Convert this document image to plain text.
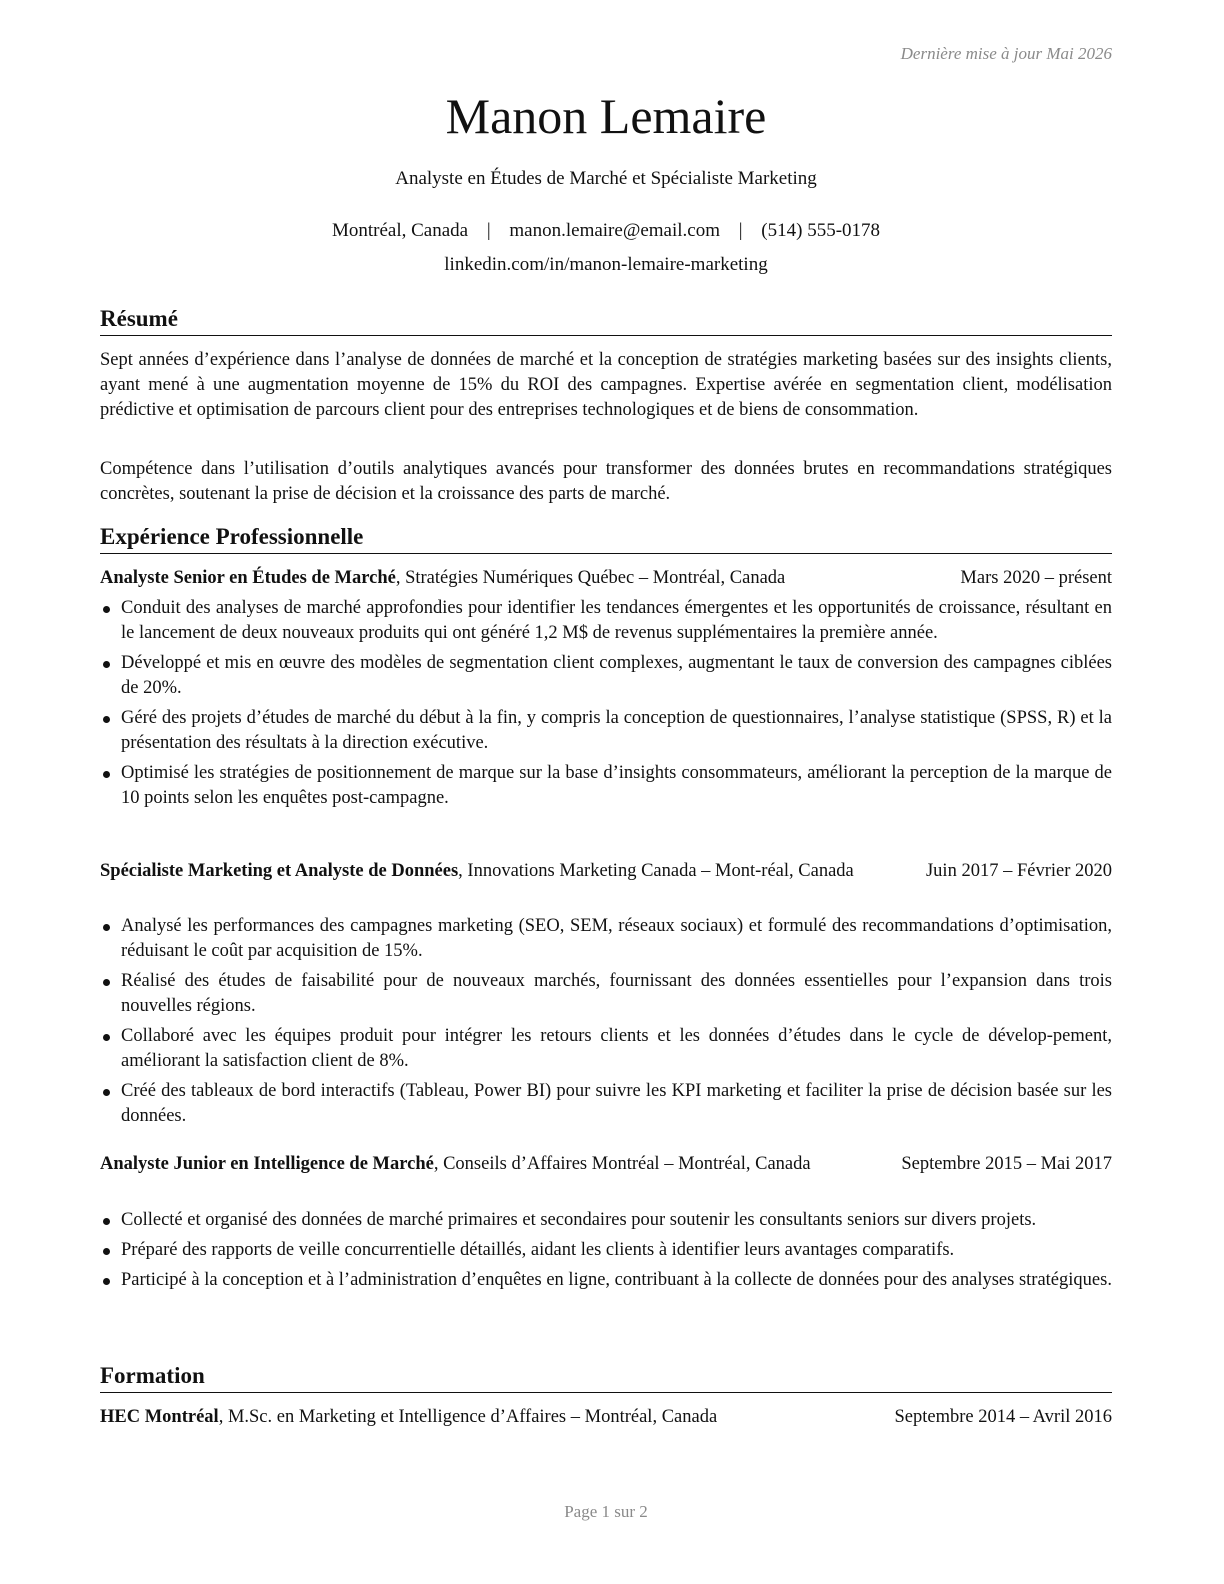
Dernière mise à jour Mai 2026
Manon Lemaire
Analyste en Études de Marché et Spécialiste Marketing
Montréal, Canada | manon.lemaire@email.com | (514) 555-0178
linkedin.com/in/manon-lemaire-marketing
Résumé
Sept années d’expérience dans l’analyse de données de marché et la conception de stratégies marketing basées sur des insights clients, ayant mené à une augmentation moyenne de 15% du ROI des campagnes. Expertise avérée en segmentation client, modélisation prédictive et optimisation de parcours client pour des entreprises technologiques et de biens de consommation.
Compétence dans l’utilisation d’outils analytiques avancés pour transformer des données brutes en recommandations stratégiques concrètes, soutenant la prise de décision et la croissance des parts de marché.
Expérience Professionnelle
Analyste Senior en Études de Marché, Stratégies Numériques Québec – Montréal, Canada	Mars 2020 – présent
Conduit des analyses de marché approfondies pour identifier les tendances émergentes et les opportunités de croissance, résultant en le lancement de deux nouveaux produits qui ont généré 1,2 M$ de revenus supplémentaires la première année.
Développé et mis en œuvre des modèles de segmentation client complexes, augmentant le taux de conversion des campagnes ciblées de 20%.
Géré des projets d’études de marché du début à la fin, y compris la conception de questionnaires, l’analyse statistique (SPSS, R) et la présentation des résultats à la direction exécutive.
Optimisé les stratégies de positionnement de marque sur la base d’insights consommateurs, améliorant la perception de la marque de 10 points selon les enquêtes post-campagne.
Spécialiste Marketing et Analyste de Données, Innovations Marketing Canada – Mont-réal, Canada	Juin 2017 – Février 2020
Analysé les performances des campagnes marketing (SEO, SEM, réseaux sociaux) et formulé des recommandations d’optimisation, réduisant le coût par acquisition de 15%.
Réalisé des études de faisabilité pour de nouveaux marchés, fournissant des données essentielles pour l’expansion dans trois nouvelles régions.
Collaboré avec les équipes produit pour intégrer les retours clients et les données d’études dans le cycle de dévelop-pement, améliorant la satisfaction client de 8%.
Créé des tableaux de bord interactifs (Tableau, Power BI) pour suivre les KPI marketing et faciliter la prise de décision basée sur les données.
Analyste Junior en Intelligence de Marché, Conseils d’Affaires Montréal – Montréal, Canada	Septembre 2015 – Mai 2017
Collecté et organisé des données de marché primaires et secondaires pour soutenir les consultants seniors sur divers projets.
Préparé des rapports de veille concurrentielle détaillés, aidant les clients à identifier leurs avantages comparatifs.
Participé à la conception et à l’administration d’enquêtes en ligne, contribuant à la collecte de données pour des analyses stratégiques.
Formation
HEC Montréal, M.Sc. en Marketing et Intelligence d’Affaires – Montréal, Canada	Septembre 2014 – Avril 2016
Page 1 sur 2
